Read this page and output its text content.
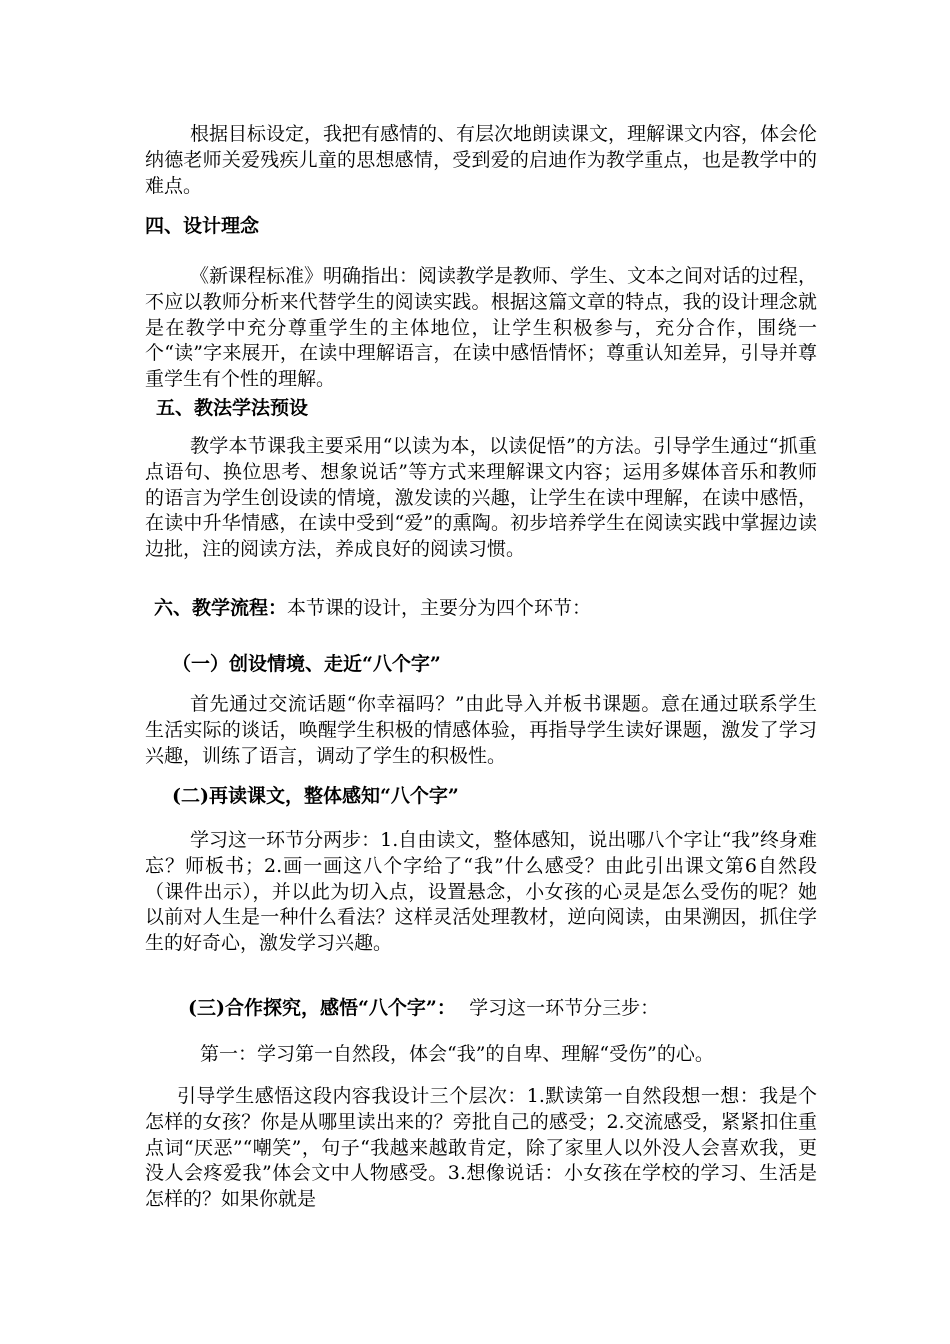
根据目标设定，我把有感情的、有层次地朗读课文，理解课文内容，体会伦纳德老师关爱残疾儿童的思想感情，受到爱的启迪作为教学重点，也是教学中的难点。

四、设计理念

《新课程标准》明确指出：阅读教学是教师、学生、文本之间对话的过程，不应以教师分析来代替学生的阅读实践。根据这篇文章的特点，我的设计理念就是在教学中充分尊重学生的主体地位，让学生积极参与，充分合作，围绕一个“读”字来展开，在读中理解语言，在读中感悟情怀；尊重认知差异，引导并尊重学生有个性的理解。

五、教法学法预设

教学本节课我主要采用“以读为本，以读促悟”的方法。引导学生通过“抓重点语句、换位思考、想象说话”等方式来理解课文内容；运用多媒体音乐和教师的语言为学生创设读的情境，激发读的兴趣，让学生在读中理解，在读中感悟，在读中升华情感，在读中受到“爱”的熏陶。初步培养学生在阅读实践中掌握边读边批，注的阅读方法，养成良好的阅读习惯。

六、教学流程：本节课的设计，主要分为四个环节：

（一）创设情境、走近“八个字”

首先通过交流话题“你幸福吗？”由此导入并板书课题。意在通过联系学生生活实际的谈话，唤醒学生积极的情感体验，再指导学生读好课题，激发了学习兴趣，训练了语言，调动了学生的积极性。

(二)再读课文，整体感知“八个字”

学习这一环节分两步：1.自由读文，整体感知，说出哪八个字让“我”终身难忘？师板书；2.画一画这八个字给了“我”什么感受？由此引出课文第6自然段（课件出示），并以此为切入点，设置悬念，小女孩的心灵是怎么受伤的呢？她以前对人生是一种什么看法？这样灵活处理教材，逆向阅读，由果溯因，抓住学生的好奇心，激发学习兴趣。

(三)合作探究，感悟“八个字”： 学习这一环节分三步：

第一：学习第一自然段，体会“我”的自卑、理解“受伤”的心。

引导学生感悟这段内容我设计三个层次：1.默读第一自然段想一想：我是个怎样的女孩？你是从哪里读出来的？旁批自己的感受；2.交流感受，紧紧扣住重点词“厌恶”“嘲笑”，句子“我越来越敢肯定，除了家里人以外没人会喜欢我，更没人会疼爱我”体会文中人物感受。3.想像说话：小女孩在学校的学习、生活是怎样的？如果你就是
